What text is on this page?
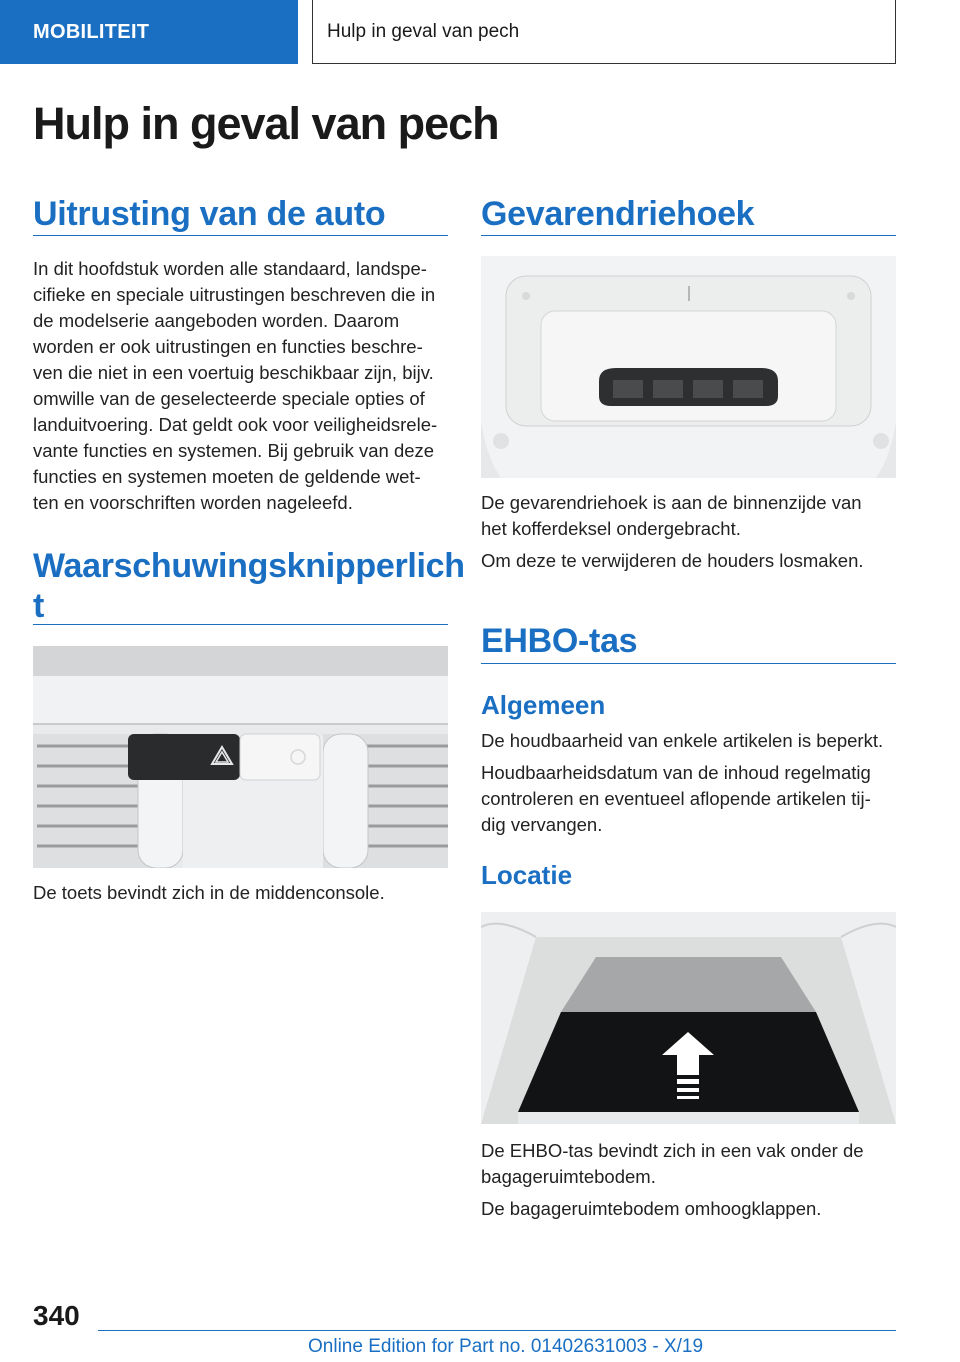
MOBILITEIT	Hulp in geval van pech
Hulp in geval van pech
Uitrusting van de auto
In dit hoofdstuk worden alle standaard, landspe-
cifieke en speciale uitrustingen beschreven die in
de modelserie aangeboden worden. Daarom
worden er ook uitrustingen en functies beschre-
ven die niet in een voertuig beschikbaar zijn, bijv.
omwille van de geselecteerde speciale opties of
landuitvoering. Dat geldt ook voor veiligheidsrele-
vante functies en systemen. Bij gebruik van deze
functies en systemen moeten de geldende wet-
ten en voorschriften worden nageleefd.
Waarschuwingsknipperlich
t
De toets bevindt zich in de middenconsole.
Gevarendriehoek
De gevarendriehoek is aan de binnenzijde van
het kofferdeksel ondergebracht.
Om deze te verwijderen de houders losmaken.
EHBO-tas
Algemeen
De houdbaarheid van enkele artikelen is beperkt.
Houdbaarheidsdatum van de inhoud regelmatig
controleren en eventueel aflopende artikelen tij-
dig vervangen.
Locatie
De EHBO-tas bevindt zich in een vak onder de
bagageruimtebodem.
De bagageruimtebodem omhoogklappen.
340
Online Edition for Part no. 01402631003 - X/19
